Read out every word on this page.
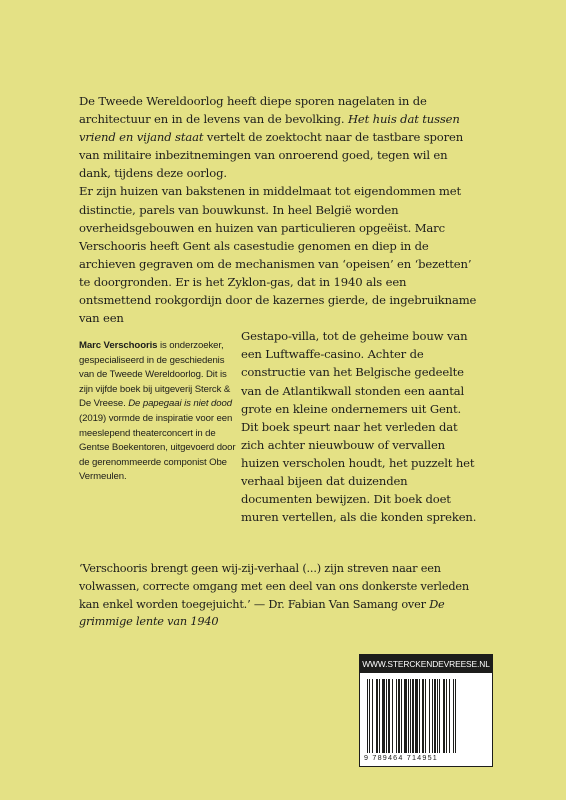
De Tweede Wereldoorlog heeft diepe sporen nagelaten in de architectuur en in de levens van de bevolking. Het huis dat tussen vriend en vijand staat vertelt de zoektocht naar de tastbare sporen van militaire inbezitnemingen van onroerend goed, tegen wil en dank, tijdens deze oorlog.

Er zijn huizen van bakstenen in middelmaat tot eigendommen met distinctie, parels van bouwkunst. In heel België worden overheidsgebouwen en huizen van particulieren opgeëist. Marc Verschooris heeft Gent als casestudie genomen en diep in de archieven gegraven om de mechanismen van ‘opeisen’ en ‘bezetten’ te doorgronden. Er is het Zyklon-gas, dat in 1940 als een ontsmettend rookgordijn door de kazernes gierde, de ingebruikname van een

Gestapo-villa, tot de geheime bouw van een Luftwaffe-casino. Achter de constructie van het Belgische gedeelte van de Atlantikwall stonden een aantal grote en kleine ondernemers uit Gent. Dit boek speurt naar het verleden dat zich achter nieuwbouw of vervallen huizen verscholen houdt, het puzzelt het verhaal bijeen dat duizenden documenten bewijzen. Dit boek doet muren vertellen, als die konden spreken.

Marc Verschooris is onderzoeker, gespecialiseerd in de geschiedenis van de Tweede Wereldoorlog. Dit is zijn vijfde boek bij uitgeverij Sterck & De Vreese. De papegaai is niet dood (2019) vormde de inspiratie voor een meeslepend theaterconcert in de Gentse Boekentoren, uitgevoerd door de gerenommeerde componist Obe Vermeulen.

‘Verschooris brengt geen wij-zij-verhaal (...) zijn streven naar een volwassen, correcte omgang met een deel van ons donkerste verleden kan enkel worden toegejuicht.’ — Dr. Fabian Van Samang over De grimmige lente van 1940

WWW.STERCKENDEVREESE.NL
9 789464 714951
